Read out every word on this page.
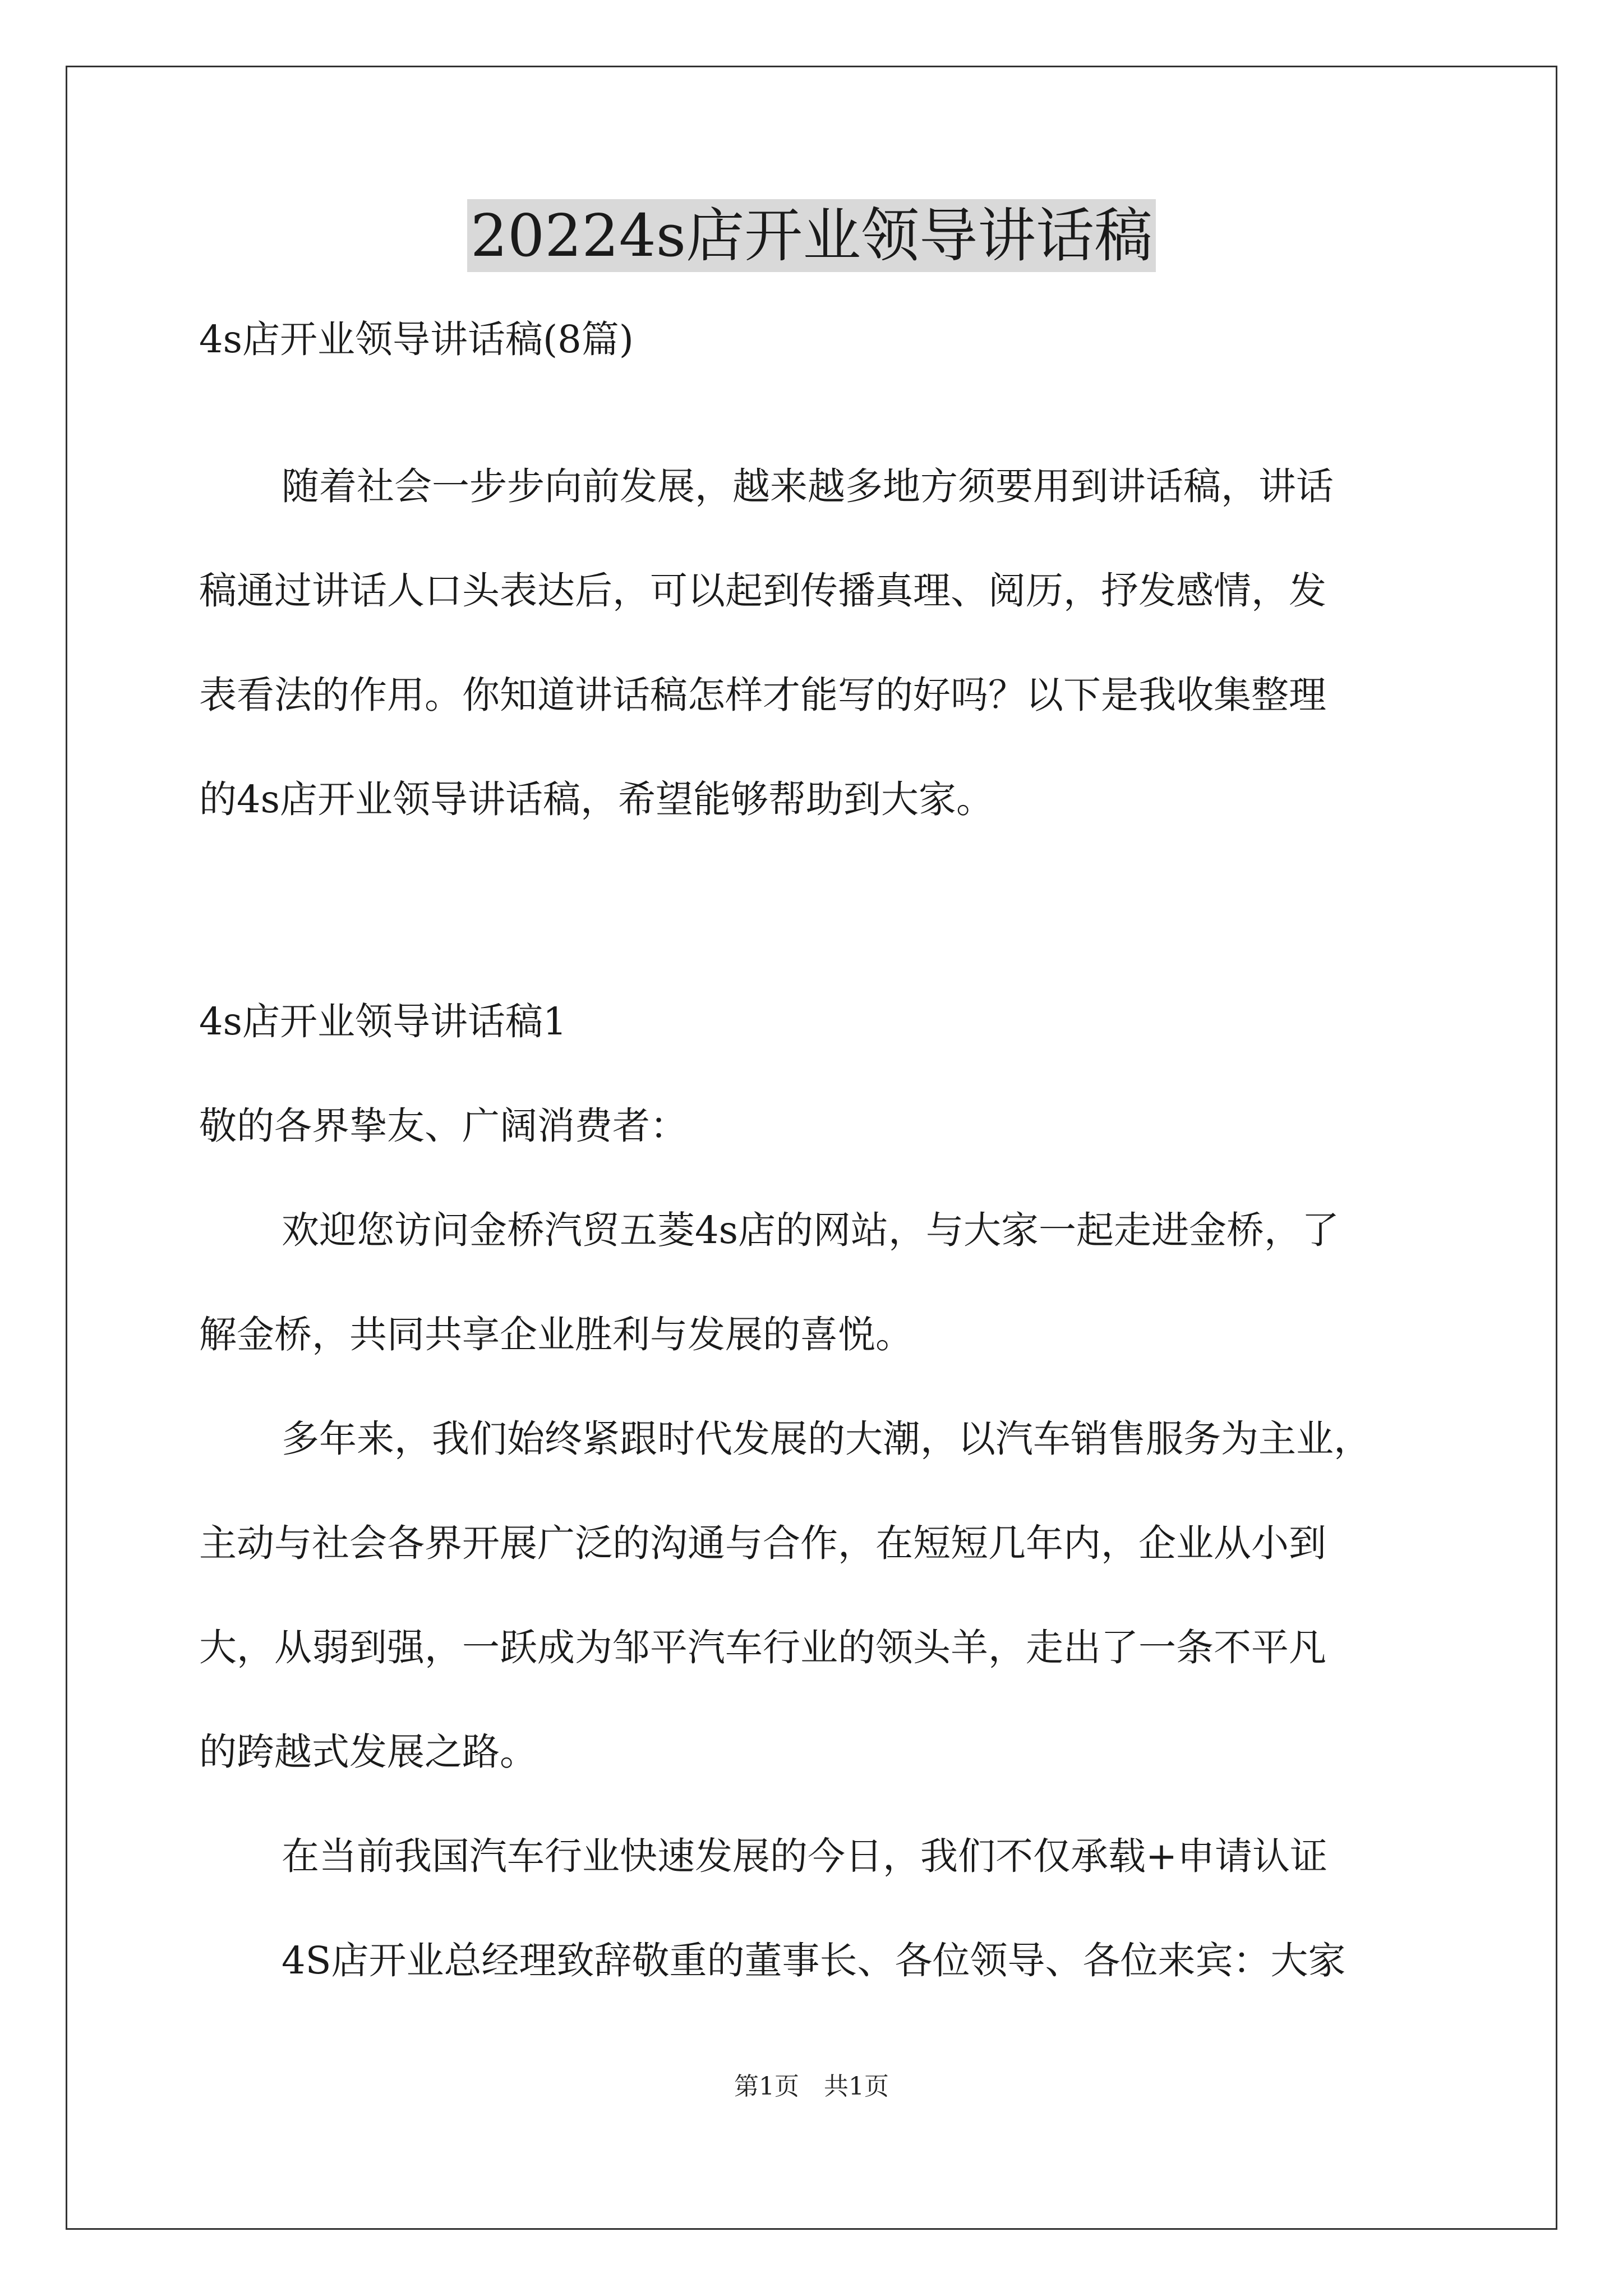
20224s店开业领导讲话稿
4s店开业领导讲话稿(8篇)
随着社会一步步向前发展，越来越多地方须要用到讲话稿，讲话
稿通过讲话人口头表达后，可以起到传播真理、阅历，抒发感情，发
表看法的作用。你知道讲话稿怎样才能写的好吗？以下是我收集整理
的4s店开业领导讲话稿，希望能够帮助到大家。
4s店开业领导讲话稿1
敬的各界挚友、广阔消费者：
欢迎您访问金桥汽贸五菱4s店的网站，与大家一起走进金桥，了
解金桥，共同共享企业胜利与发展的喜悦。
多年来，我们始终紧跟时代发展的大潮，以汽车销售服务为主业，
主动与社会各界开展广泛的沟通与合作，在短短几年内，企业从小到
大，从弱到强，一跃成为邹平汽车行业的领头羊，走出了一条不平凡
的跨越式发展之路。
在当前我国汽车行业快速发展的今日，我们不仅承载+申请认证
4S店开业总经理致辞敬重的董事长、各位领导、各位来宾：大家
第1页 共1页
